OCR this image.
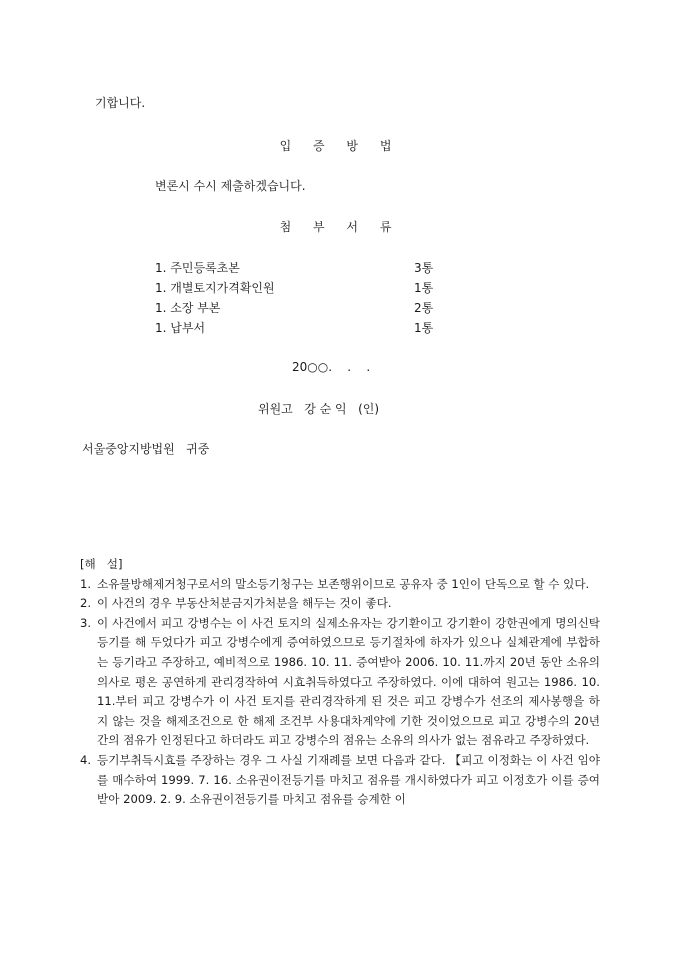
기합니다.
입 증 방 법
변론시 수시 제출하겠습니다.
첨 부 서 류
1. 주민등록초본	3통
1. 개별토지가격확인원	1통
1. 소장 부본	2통
1. 납부서	1통
20○○.    .    .
위원고   강 순 익   (인)
서울중앙지방법원   귀중
[해   설]
1. 소유물방해제거청구로서의 말소등기청구는 보존행위이므로 공유자 중 1인이 단독으로 할 수 있다.
2. 이 사건의 경우 부동산처분금지가처분을 해두는 것이 좋다.
3. 이 사건에서 피고 강병수는 이 사건 토지의 실제소유자는 강기환이고 강기환이 강한권에게 명의신탁등기를 해 두었다가 피고 강병수에게 증여하였으므로 등기절차에 하자가 있으나 실체관계에 부합하는 등기라고 주장하고, 예비적으로 1986. 10. 11. 증여받아 2006. 10. 11.까지 20년 동안 소유의 의사로 평온 공연하게 관리경작하여 시효취득하였다고 주장하였다. 이에 대하여 원고는 1986. 10. 11.부터 피고 강병수가 이 사건 토지를 관리경작하게 된 것은 피고 강병수가 선조의 제사봉행을 하지 않는 것을 해제조건으로 한 해제 조건부 사용대차계약에 기한 것이었으므로 피고 강병수의 20년간의 점유가 인정된다고 하더라도 피고 강병수의 점유는 소유의 의사가 없는 점유라고 주장하였다.
4. 등기부취득시효를 주장하는 경우 그 사실 기재례를 보면 다음과 같다. 【피고 이정화는 이 사건 임야를 매수하여 1999. 7. 16. 소유권이전등기를 마치고 점유를 개시하였다가 피고 이정호가 이를 증여받아 2009. 2. 9. 소유권이전등기를 마치고 점유를 승계한 이
